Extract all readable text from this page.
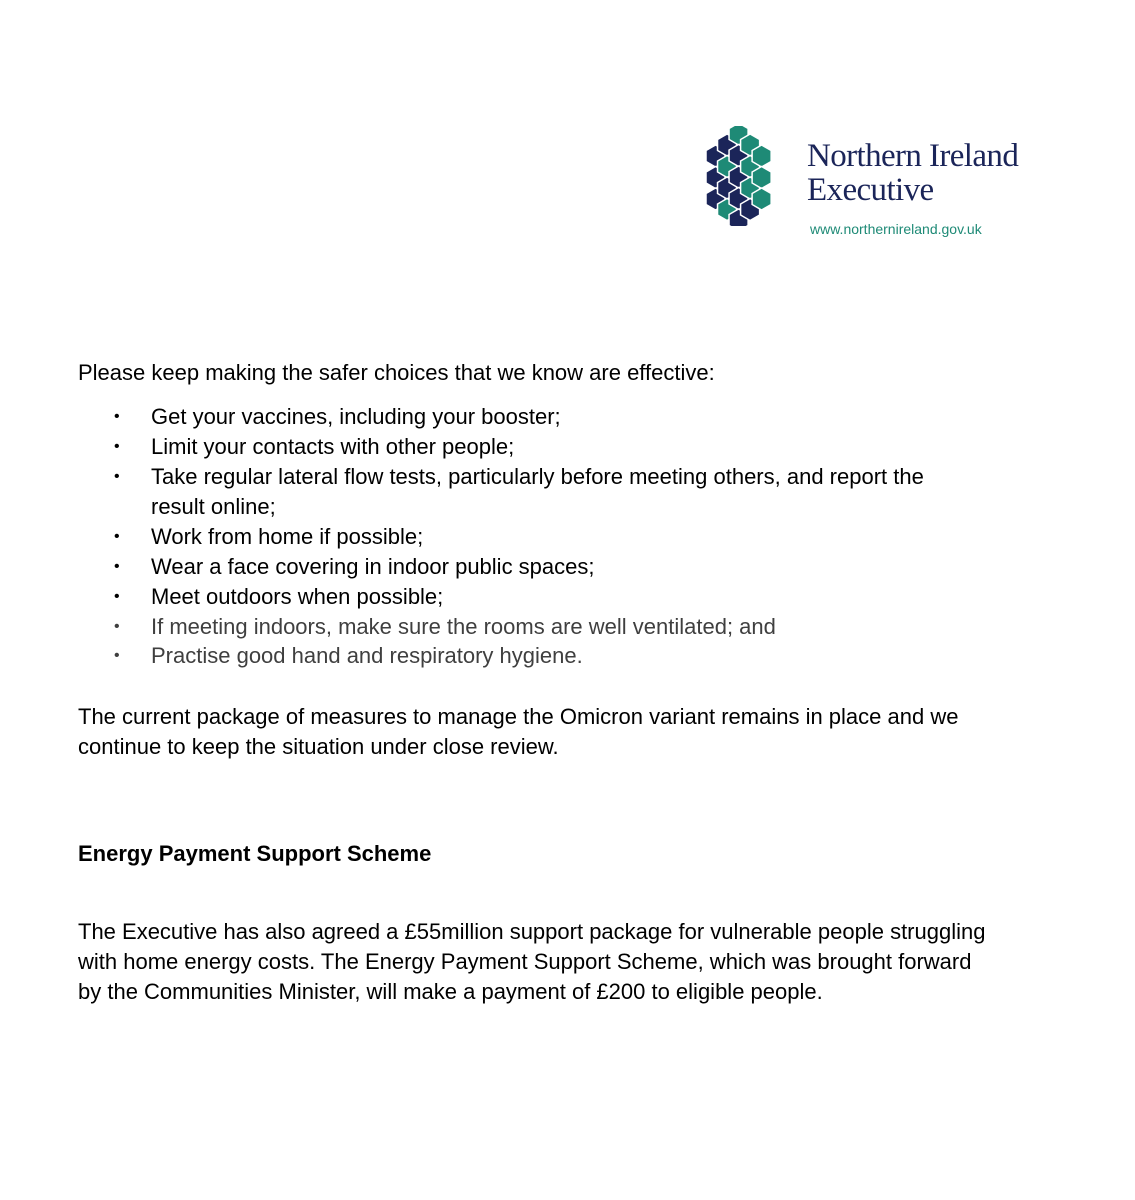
Northern Ireland
Executive
www.northernireland.gov.uk

Please keep making the safer choices that we know are effective:

• Get your vaccines, including your booster;
• Limit your contacts with other people;
• Take regular lateral flow tests, particularly before meeting others, and report the result online;
• Work from home if possible;
• Wear a face covering in indoor public spaces;
• Meet outdoors when possible;
• If meeting indoors, make sure the rooms are well ventilated; and
• Practise good hand and respiratory hygiene.

The current package of measures to manage the Omicron variant remains in place and we continue to keep the situation under close review.

Energy Payment Support Scheme

The Executive has also agreed a £55million support package for vulnerable people struggling with home energy costs. The Energy Payment Support Scheme, which was brought forward by the Communities Minister, will make a payment of £200 to eligible people.
